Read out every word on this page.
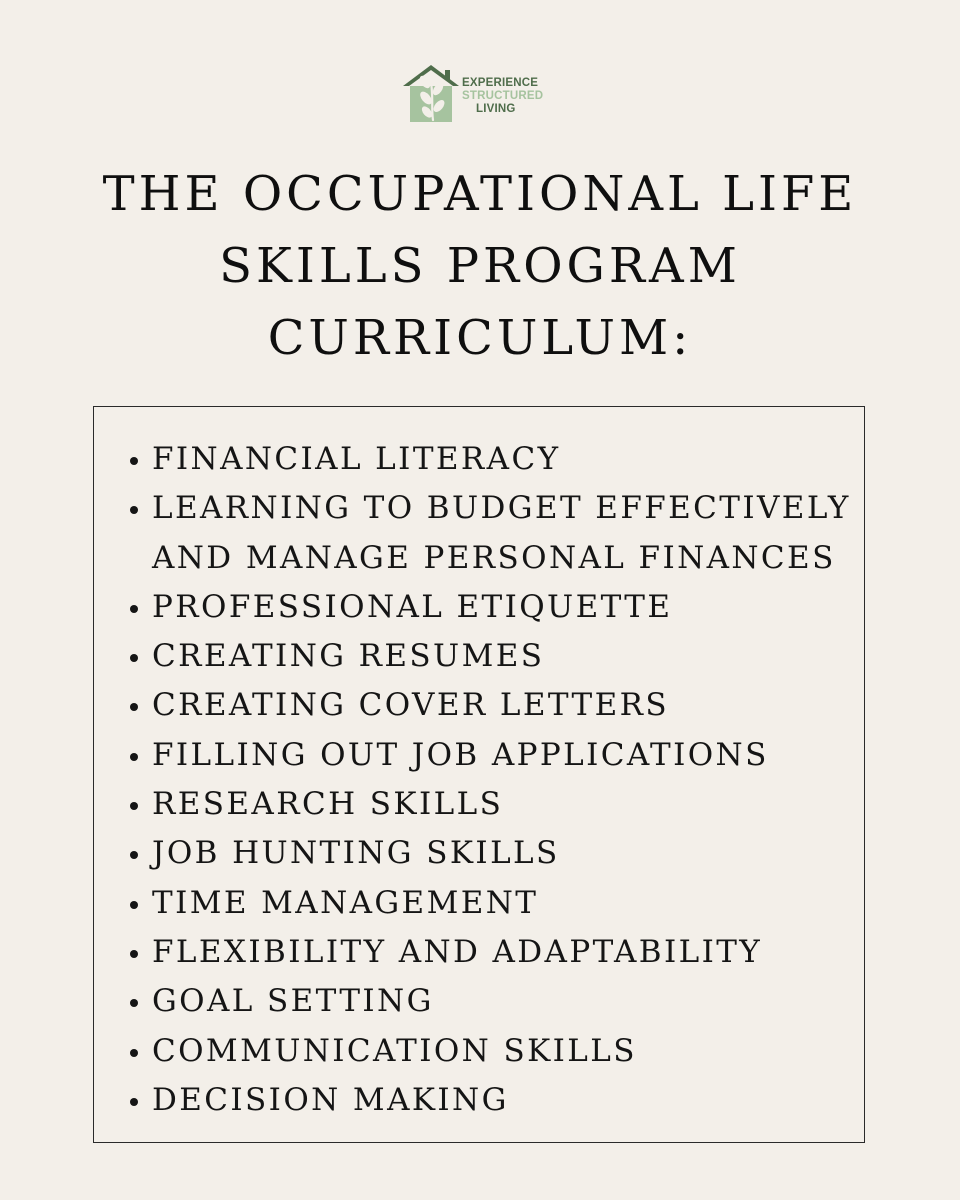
EXPERIENCE
STRUCTURED
LIVING
THE OCCUPATIONAL LIFE
SKILLS PROGRAM
CURRICULUM:
FINANCIAL LITERACY
LEARNING TO BUDGET EFFECTIVELY
AND MANAGE PERSONAL FINANCES
PROFESSIONAL ETIQUETTE
CREATING RESUMES
CREATING COVER LETTERS
FILLING OUT JOB APPLICATIONS
RESEARCH SKILLS
JOB HUNTING SKILLS
TIME MANAGEMENT
FLEXIBILITY AND ADAPTABILITY
GOAL SETTING
COMMUNICATION SKILLS
DECISION MAKING
